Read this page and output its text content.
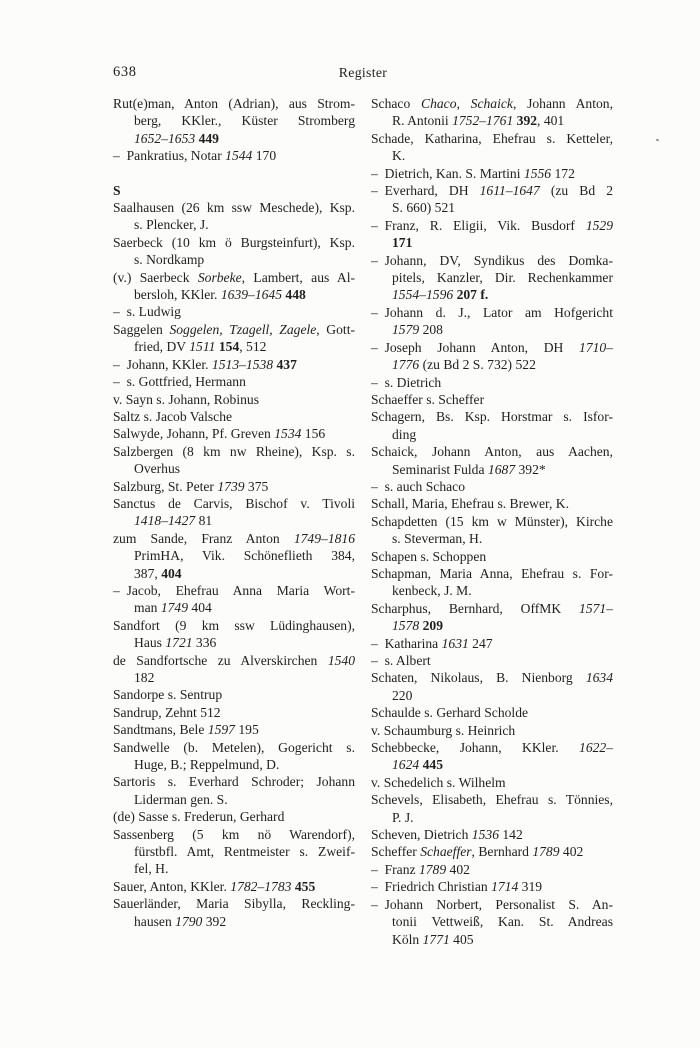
638	Register
Rut(e)man, Anton (Adrian), aus Strom-
berg, KKler., Küster Stromberg
1652–1653 449
– Pankratius, Notar 1544 170
S
Saalhausen (26 km ssw Meschede), Ksp.
s. Plencker, J.
Saerbeck (10 km ö Burgsteinfurt), Ksp.
s. Nordkamp
(v.) Saerbeck Sorbeke, Lambert, aus Al-
bersloh, KKler. 1639–1645 448
– s. Ludwig
Saggelen Soggelen, Tzagell, Zagele, Gott-
fried, DV 1511 154, 512
– Johann, KKler. 1513–1538 437
– s. Gottfried, Hermann
v. Sayn s. Johann, Robinus
Saltz s. Jacob Valsche
Salwyde, Johann, Pf. Greven 1534 156
Salzbergen (8 km nw Rheine), Ksp. s.
Overhus
Salzburg, St. Peter 1739 375
Sanctus de Carvis, Bischof v. Tivoli
1418–1427 81
zum Sande, Franz Anton 1749–1816
PrimHA, Vik. Schöneflieth 384,
387, 404
– Jacob, Ehefrau Anna Maria Wort-
man 1749 404
Sandfort (9 km ssw Lüdinghausen),
Haus 1721 336
de Sandfortsche zu Alverskirchen 1540
182
Sandorpe s. Sentrup
Sandrup, Zehnt 512
Sandtmans, Bele 1597 195
Sandwelle (b. Metelen), Gogericht s.
Huge, B.; Reppelmund, D.
Sartoris s. Everhard Schroder; Johann
Liderman gen. S.
(de) Sasse s. Frederun, Gerhard
Sassenberg (5 km nö Warendorf),
fürstbfl. Amt, Rentmeister s. Zweif-
fel, H.
Sauer, Anton, KKler. 1782–1783 455
Sauerländer, Maria Sibylla, Reckling-
hausen 1790 392
Schaco Chaco, Schaick, Johann Anton,
R. Antonii 1752–1761 392, 401
Schade, Katharina, Ehefrau s. Ketteler,
K.
– Dietrich, Kan. S. Martini 1556 172
– Everhard, DH 1611–1647 (zu Bd 2
S. 660) 521
– Franz, R. Eligii, Vik. Busdorf 1529
171
– Johann, DV, Syndikus des Domka-
pitels, Kanzler, Dir. Rechenkammer
1554–1596 207 f.
– Johann d. J., Lator am Hofgericht
1579 208
– Joseph Johann Anton, DH 1710–
1776 (zu Bd 2 S. 732) 522
– s. Dietrich
Schaeffer s. Scheffer
Schagern, Bs. Ksp. Horstmar s. Isfor-
ding
Schaick, Johann Anton, aus Aachen,
Seminarist Fulda 1687 392*
– s. auch Schaco
Schall, Maria, Ehefrau s. Brewer, K.
Schapdetten (15 km w Münster), Kirche
s. Steverman, H.
Schapen s. Schoppen
Schapman, Maria Anna, Ehefrau s. For-
kenbeck, J. M.
Scharphus, Bernhard, OffMK 1571–
1578 209
– Katharina 1631 247
– s. Albert
Schaten, Nikolaus, B. Nienborg 1634
220
Schaulde s. Gerhard Scholde
v. Schaumburg s. Heinrich
Schebbecke, Johann, KKler. 1622–
1624 445
v. Schedelich s. Wilhelm
Schevels, Elisabeth, Ehefrau s. Tönnies,
P. J.
Scheven, Dietrich 1536 142
Scheffer Schaeffer, Bernhard 1789 402
– Franz 1789 402
– Friedrich Christian 1714 319
– Johann Norbert, Personalist S. An-
tonii Vettweiß, Kan. St. Andreas
Köln 1771 405
